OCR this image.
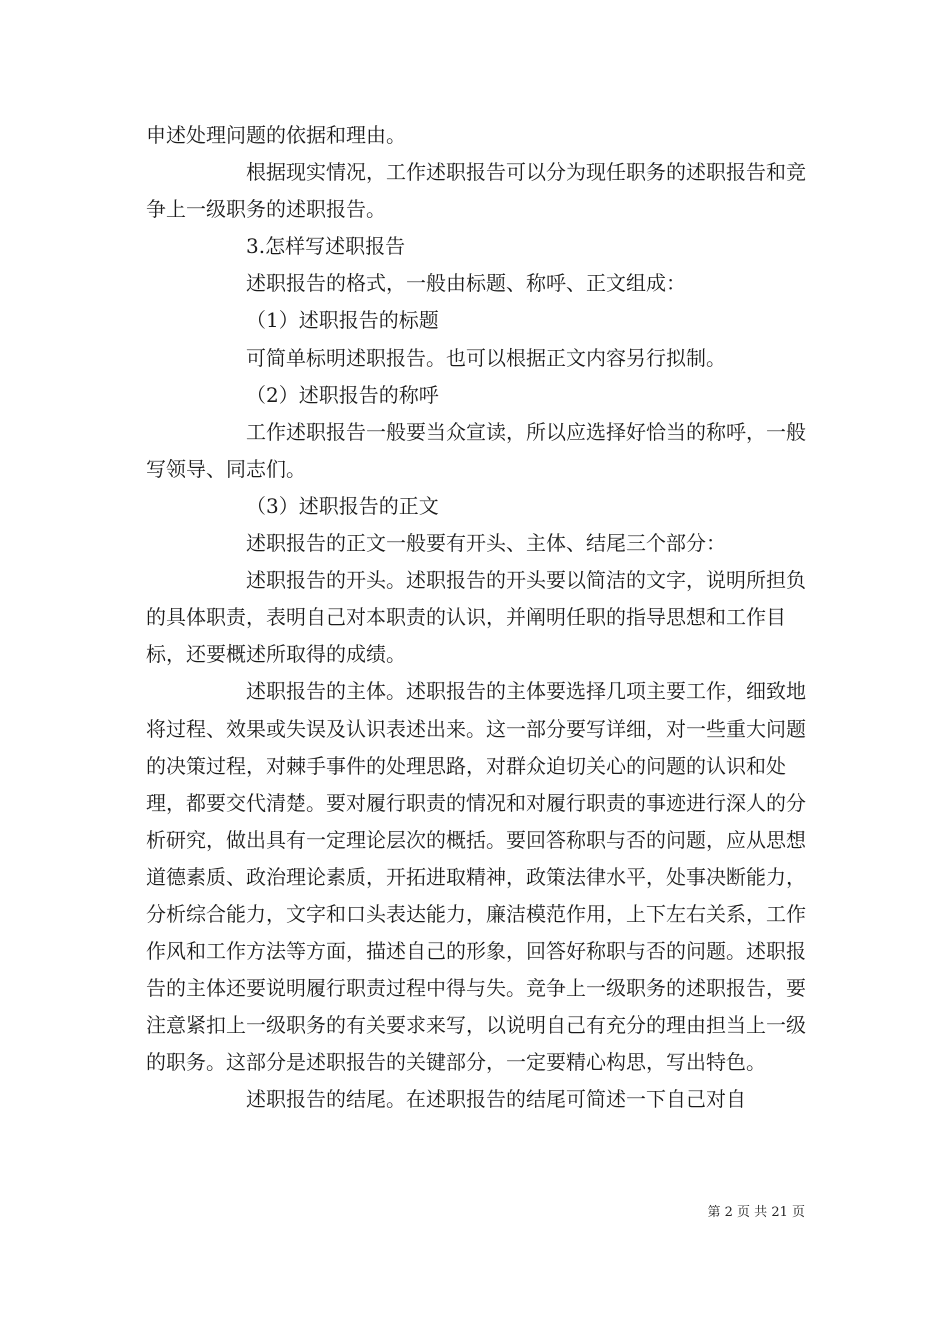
申述处理问题的依据和理由。

根据现实情况，工作述职报告可以分为现任职务的述职报告和竞争上一级职务的述职报告。

3.怎样写述职报告

述职报告的格式，一般由标题、称呼、正文组成：

（1）述职报告的标题

可简单标明述职报告。也可以根据正文内容另行拟制。

（2）述职报告的称呼

工作述职报告一般要当众宣读，所以应选择好恰当的称呼，一般写领导、同志们。

（3）述职报告的正文

述职报告的正文一般要有开头、主体、结尾三个部分：

述职报告的开头。述职报告的开头要以简洁的文字，说明所担负的具体职责，表明自己对本职责的认识，并阐明任职的指导思想和工作目标，还要概述所取得的成绩。

述职报告的主体。述职报告的主体要选择几项主要工作，细致地将过程、效果或失误及认识表述出来。这一部分要写详细，对一些重大问题的决策过程，对棘手事件的处理思路，对群众迫切关心的问题的认识和处理，都要交代清楚。要对履行职责的情况和对履行职责的事迹进行深人的分析研究，做出具有一定理论层次的概括。要回答称职与否的问题，应从思想道德素质、政治理论素质，开拓进取精神，政策法律水平，处事决断能力，分析综合能力，文字和口头表达能力，廉洁模范作用，上下左右关系，工作作风和工作方法等方面，描述自己的形象，回答好称职与否的问题。述职报告的主体还要说明履行职责过程中得与失。竞争上一级职务的述职报告，要注意紧扣上一级职务的有关要求来写，以说明自己有充分的理由担当上一级的职务。这部分是述职报告的关键部分，一定要精心构思，写出特色。

述职报告的结尾。在述职报告的结尾可简述一下自己对自

第 2 页 共 21 页
